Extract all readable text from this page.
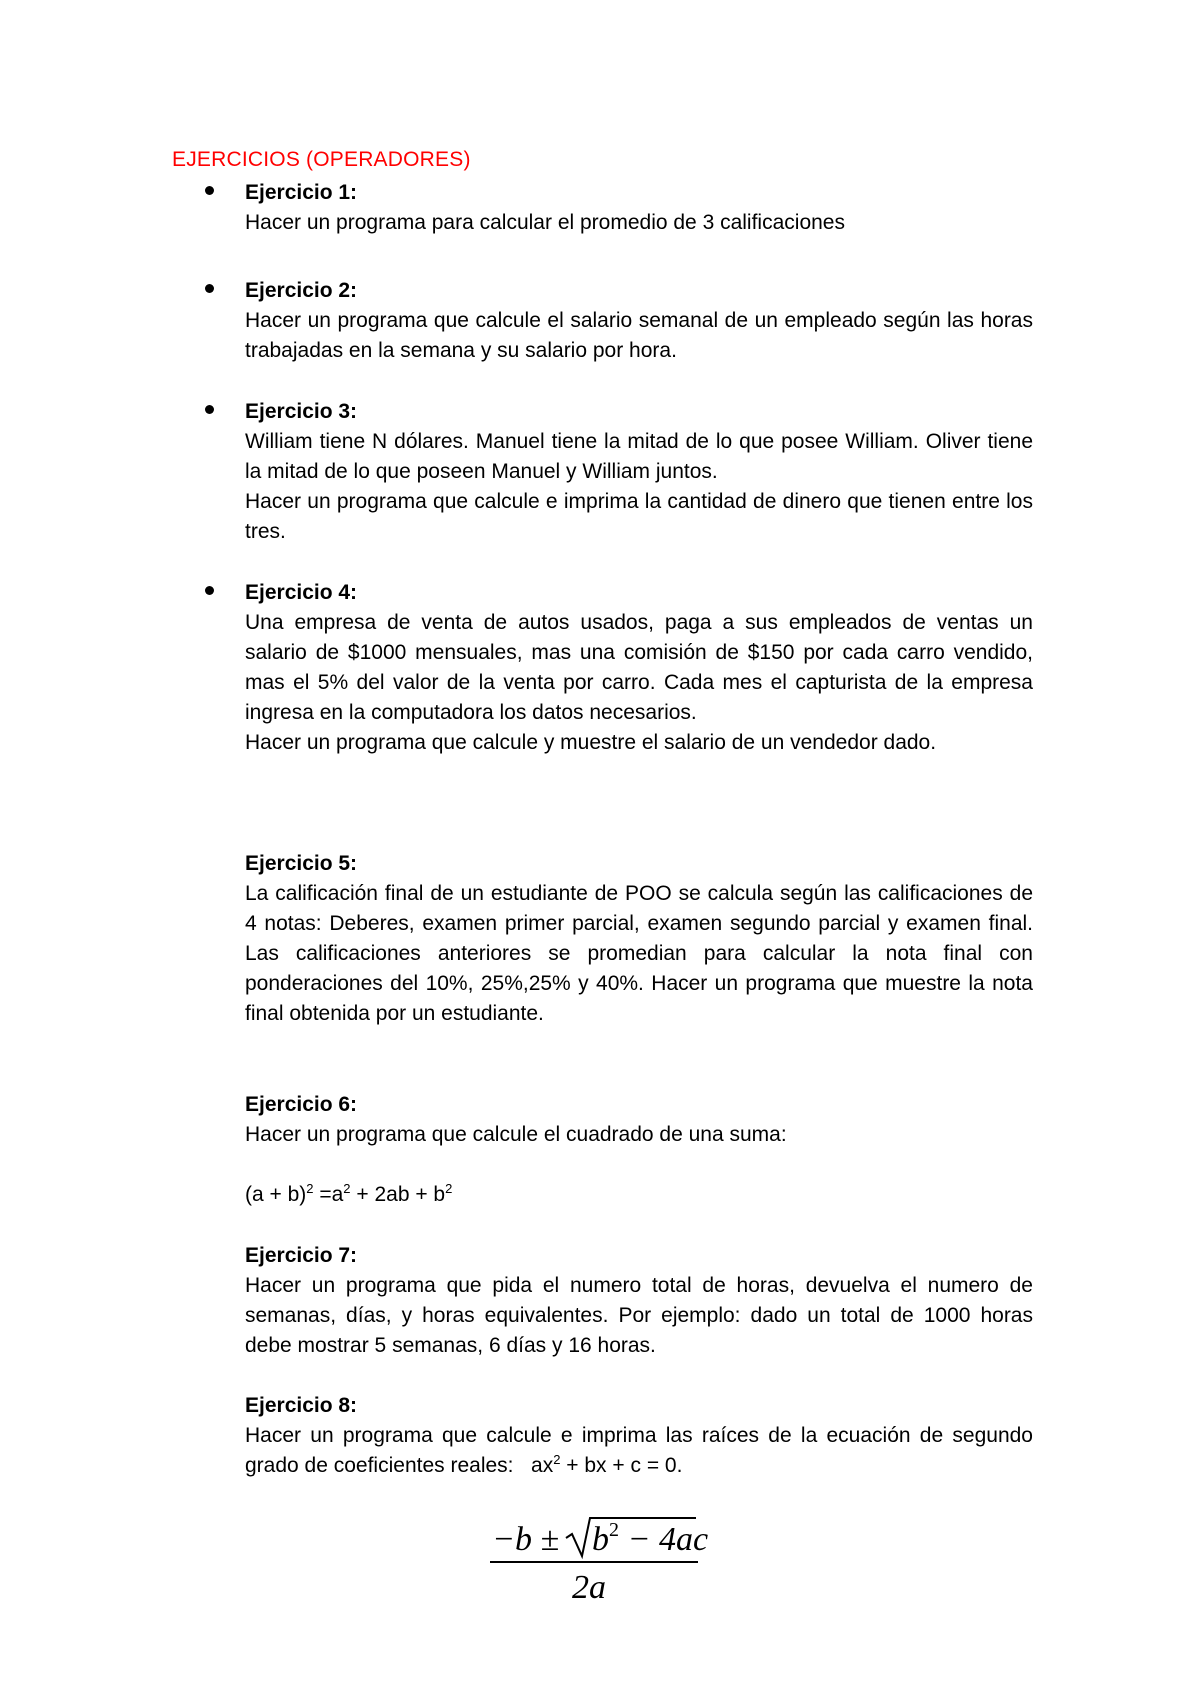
EJERCICIOS (OPERADORES)

Ejercicio 1:

Hacer un programa para calcular el promedio de 3 calificaciones

Ejercicio 2:

Hacer un programa que calcule el salario semanal de un empleado según las horas trabajadas en la semana y su salario por hora.

Ejercicio 3:

William tiene N dólares. Manuel tiene la mitad de lo que posee William. Oliver tiene la mitad de lo que poseen Manuel y William juntos.

Hacer un programa que calcule e imprima la cantidad de dinero que tienen entre los tres.

Ejercicio 4:

Una empresa de venta de autos usados, paga a sus empleados de ventas un salario de $1000 mensuales, mas una comisión de $150 por cada carro vendido, mas el 5% del valor de la venta por carro. Cada mes el capturista de la empresa ingresa en la computadora los datos necesarios.

Hacer un programa que calcule y muestre el salario de un vendedor dado.

Ejercicio 5:

La calificación final de un estudiante de POO se calcula según las calificaciones de 4 notas: Deberes, examen primer parcial, examen segundo parcial y examen final. Las calificaciones anteriores se promedian para calcular la nota final con ponderaciones del 10%, 25%,25% y 40%. Hacer un programa que muestre la nota final obtenida por un estudiante.

Ejercicio 6:

Hacer un programa que calcule el cuadrado de una suma:

$(a + b)^2 =a^2 + 2ab + b^2$

Ejercicio 7:

Hacer un programa que pida el numero total de horas, devuelva el numero de semanas, días, y horas equivalentes. Por ejemplo: dado un total de 1000 horas debe mostrar 5 semanas, 6 días y 16 horas.

Ejercicio 8:

Hacer un programa que calcule e imprima las raíces de la ecuación de segundo grado de coeficientes reales: $ax^2$ + bx + c = 0.

$-b \pm b^2 - 4ac$
2a
